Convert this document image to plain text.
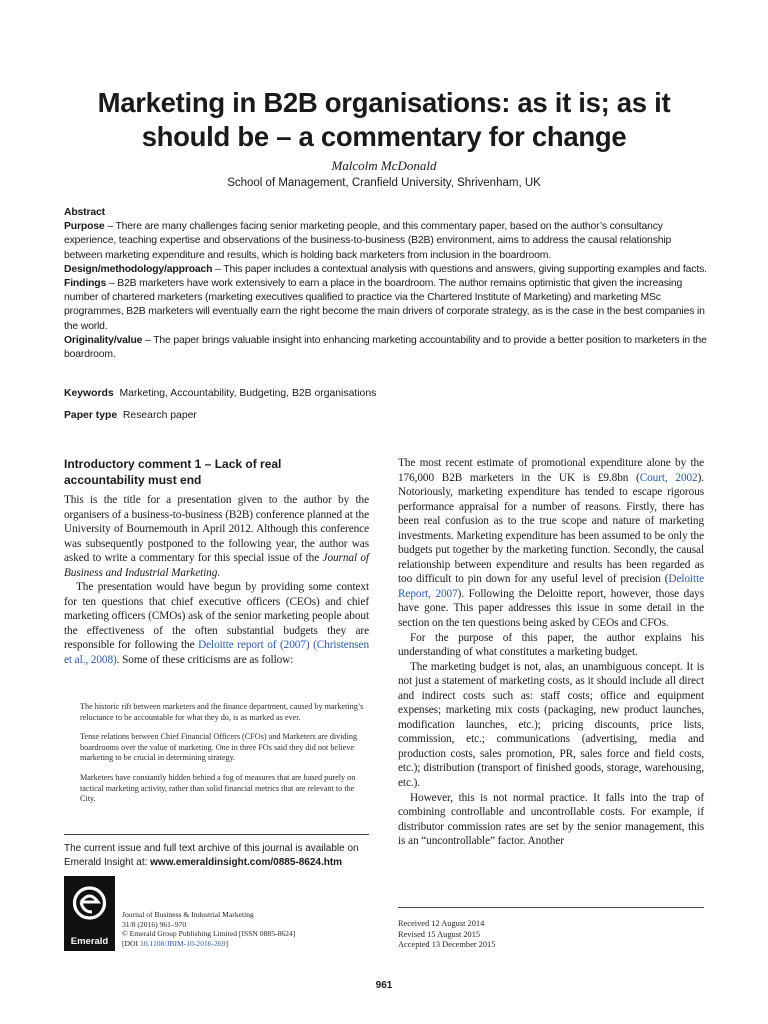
Marketing in B2B organisations: as it is; as it
should be – a commentary for change
Malcolm McDonald
School of Management, Cranfield University, Shrivenham, UK

Abstract

Purpose – There are many challenges facing senior marketing people, and this commentary paper, based on the author’s consultancy experience, teaching expertise and observations of the business-to-business (B2B) environment, aims to address the causal relationship between marketing expenditure and results, which is holding back marketers from inclusion in the boardroom.

Design/methodology/approach – This paper includes a contextual analysis with questions and answers, giving supporting examples and facts.

Findings – B2B marketers have work extensively to earn a place in the boardroom. The author remains optimistic that given the increasing number of chartered marketers (marketing executives qualified to practice via the Chartered Institute of Marketing) and marketing MSc programmes, B2B marketers will eventually earn the right become the main drivers of corporate strategy, as is the case in the best companies in the world.

Originality/value – The paper brings valuable insight into enhancing marketing accountability and to provide a better position to marketers in the boardroom.

Keywords Marketing, Accountability, Budgeting, B2B organisations
Paper type Research paper
Introductory comment 1 – Lack of real accountability must end

This is the title for a presentation given to the author by the organisers of a business-to-business (B2B) conference planned at the University of Bournemouth in April 2012. Although this conference was subsequently postponed to the following year, the author was asked to write a commentary for this special issue of the Journal of Business and Industrial Marketing.

The presentation would have begun by providing some context for ten questions that chief executive officers (CEOs) and chief marketing officers (CMOs) ask of the senior marketing people about the effectiveness of the often substantial budgets they are responsible for following the Deloitte report of (2007) (Christensen et al., 2008). Some of these criticisms are as follow:

The historic rift between marketers and the finance department, caused by marketing’s reluctance to be accountable for what they do, is as marked as ever.

Tense relations between Chief Financial Officers (CFOs) and Marketers are dividing boardrooms over the value of marketing. One in three FOs said they did not believe marketing to be crucial in determining strategy.

Marketers have constantly hidden behind a fog of measures that are based purely on tactical marketing activity, rather than solid financial metrics that are relevant to the City.

The current issue and full text archive of this journal is available on
Emerald Insight at: www.emeraldinsight.com/0885-8624.htm
Emerald
Journal of Business & Industrial Marketing
31/8 (2016) 961–970
© Emerald Group Publishing Limited [ISSN 0885-8624]
[DOI 10.1108/JBIM-10-2016-269]

The most recent estimate of promotional expenditure alone by the 176,000 B2B marketers in the UK is £9.8bn (Court, 2002). Notoriously, marketing expenditure has tended to escape rigorous performance appraisal for a number of reasons. Firstly, there has been real confusion as to the true scope and nature of marketing investments. Marketing expenditure has been assumed to be only the budgets put together by the marketing function. Secondly, the causal relationship between expenditure and results has been regarded as too difficult to pin down for any useful level of precision (Deloitte Report, 2007). Following the Deloitte report, however, those days have gone. This paper addresses this issue in some detail in the section on the ten questions being asked by CEOs and CFOs.

For the purpose of this paper, the author explains his understanding of what constitutes a marketing budget.

The marketing budget is not, alas, an unambiguous concept. It is not just a statement of marketing costs, as it should include all direct and indirect costs such as: staff costs; office and equipment expenses; marketing mix costs (packaging, new product launches, modification launches, etc.); pricing discounts, price lists, commission, etc.; communications (advertising, media and production costs, sales promotion, PR, sales force and field costs, etc.); distribution (transport of finished goods, storage, warehousing, etc.).

However, this is not normal practice. It falls into the trap of combining controllable and uncontrollable costs. For example, if distributor commission rates are set by the senior management, this is an “uncontrollable” factor. Another

Received 12 August 2014
Revised 15 August 2015
Accepted 13 December 2015
961
